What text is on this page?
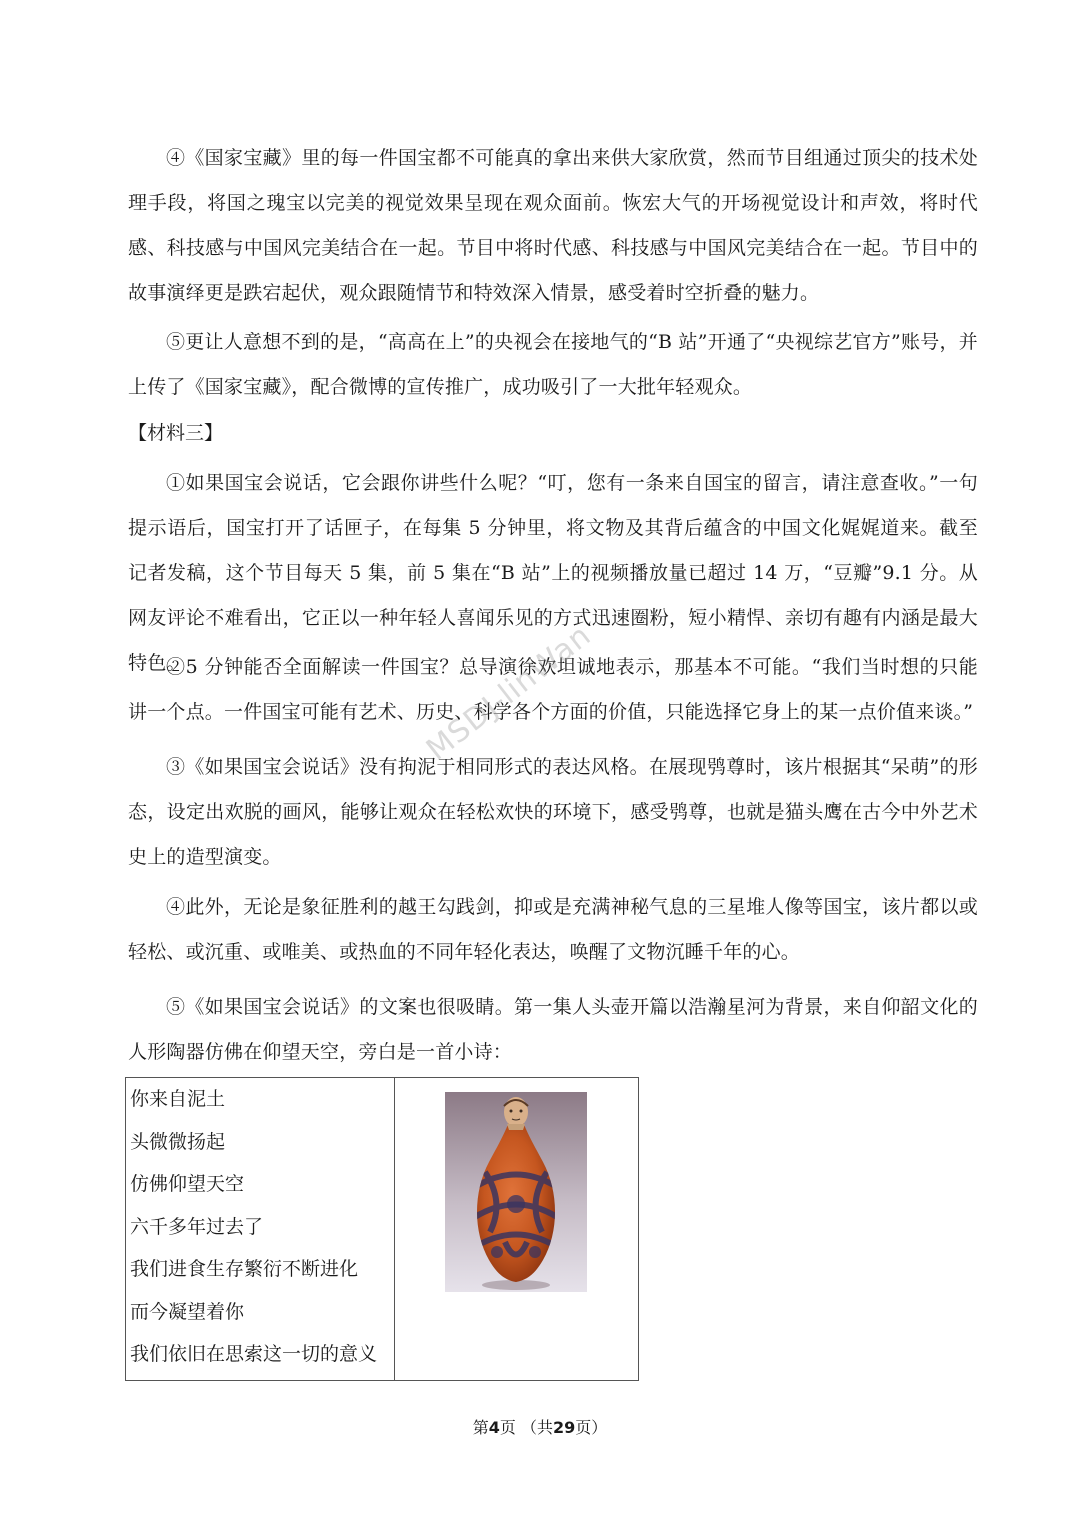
④《国家宝藏》里的每一件国宝都不可能真的拿出来供大家欣赏，然而节目组通过顶尖的技术处理手段，将国之瑰宝以完美的视觉效果呈现在观众面前。恢宏大气的开场视觉设计和声效，将时代感、科技感与中国风完美结合在一起。节目中将时代感、科技感与中国风完美结合在一起。节目中的故事演绎更是跌宕起伏，观众跟随情节和特效深入情景，感受着时空折叠的魅力。

⑤更让人意想不到的是，“高高在上”的央视会在接地气的“B 站”开通了“央视综艺官方”账号，并上传了《国家宝藏》，配合微博的宣传推广，成功吸引了一大批年轻观众。

【材料三】

①如果国宝会说话，它会跟你讲些什么呢？“叮，您有一条来自国宝的留言，请注意查收。”一句提示语后，国宝打开了话匣子，在每集 5 分钟里，将文物及其背后蕴含的中国文化娓娓道来。截至记者发稿，这个节目每天 5 集，前 5 集在“B 站”上的视频播放量已超过 14 万，“豆瓣”9.1 分。从网友评论不难看出，它正以一种年轻人喜闻乐见的方式迅速圈粉，短小精悍、亲切有趣有内涵是最大特色。

②5 分钟能否全面解读一件国宝？总导演徐欢坦诚地表示，那基本不可能。“我们当时想的只能讲一个点。一件国宝可能有艺术、历史、科学各个方面的价值，只能选择它身上的某一点价值来谈。”

③《如果国宝会说话》没有拘泥于相同形式的表达风格。在展现鸮尊时，该片根据其“呆萌”的形态，设定出欢脱的画风，能够让观众在轻松欢快的环境下，感受鸮尊，也就是猫头鹰在古今中外艺术史上的造型演变。

④此外，无论是象征胜利的越王勾践剑，抑或是充满神秘气息的三星堆人像等国宝，该片都以或轻松、或沉重、或唯美、或热血的不同年轻化表达，唤醒了文物沉睡千年的心。

⑤《如果国宝会说话》的文案也很吸睛。第一集人头壶开篇以浩瀚星河为背景，来自仰韶文化的人形陶器仿佛在仰望天空，旁白是一首小诗：

你来自泥土
头微微扬起
仿佛仰望天空
六千多年过去了
我们进食生存繁衍不断进化
而今凝望着你
我们依旧在思索这一切的意义

MSDJ-linWan
第4页 （共29页）
